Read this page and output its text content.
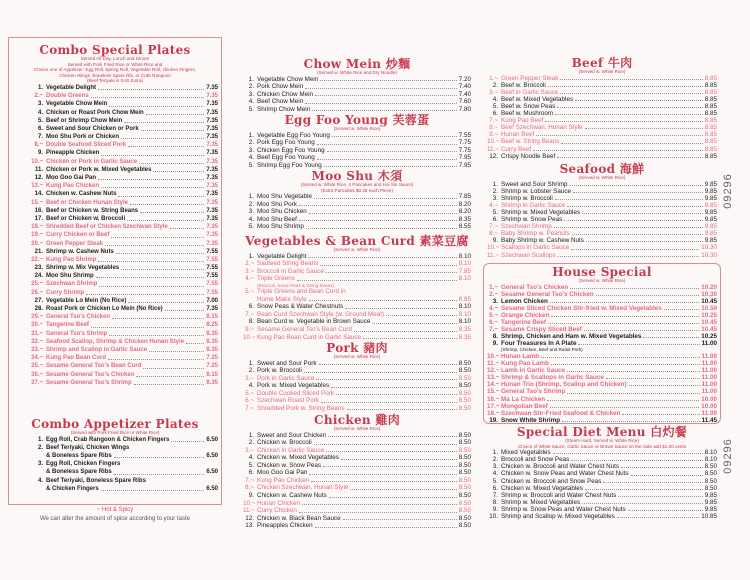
Combo Special Plates
Served All Day, Lunch and Dinner
Served with Pork Fried Rice or White Rice and
Choice one of Appetizer: Egg Roll, Spring Roll, Vegetable Roll, chicken Fingers,
Chicken Wings, Boneless Spare Rib, or Crab Rangoon
(Beef Teriyaki is 0.65 Extra)
1. Vegetable Delight	7.35
2.~ Double Greens	7.35
3. Vegetable Chow Mein	7.35
4. Chicken or Roast Pork Chow Mein	7.35
5. Beef or Shrimp Chow Mein	7.35
6. Sweet and Sour Chicken or Pork	7.35
7. Moo Shu Pork or Chicken	7.35
8.~ Double Seafood Sliced Pork	7.35
9. Pineapple Chicken	7.35
10.~ Chicken or Pork in Garlic Sauce	7.35
11. Chicken or Pork w. Mixed Vegetables	7.35
12. Moo Goo Gai Pan	7.35
13.~ Kung Pao Chicken	7.35
14. Chicken w. Cashew Nuts	7.35
15.~ Beef or Chicken Hunan Style	7.35
16. Beef or Chicken w. String Beans	7.35
17. Beef or Chicken w. Broccoli	7.35
18.~ Shredded Beef or Chicken Szechwan Style	7.35
19.~ Curry Chicken or Beef	7.35
20.~ Green Pepper Steak	7.35
21. Shrimp w. Cashew Nuts	7.55
22.~ Kung Pao Shrimp	7.55
23. Shrimp w. Mix Vegetables	7.55
24. Moo Shu Shrimp	7.55
25.~ Szechwan Shrimp	7.55
26.~ Curry Shrimp	7.55
27. Vegetable Lo Mein (No Rice)	7.00
28. Roast Pork or Chicken Lo Mein (No Rice)	7.35
29.~ General Tso's Chicken	8.15
30.~ Tangerine Beef	8.25
31.~ General Tso's Shrimp	8.35
32.~ Seafood Scallop, Shrimp & Chicken Hunan Style	8.35
33.~ Shrimp and Scallop in Garlic Sauce	8.35
34.~ Kung Pao Bean Curd	7.25
35.~ Sesame General Tso's Bean Curd	7.25
36.~ Sesame General Tso's Chicken	8.15
37.~ Sesame General Tso's Shrimp	8.35
Combo Appetizer Plates
(Served with Pork Fried Rice or White Rice)
1. Egg Roll, Crab Rangoon & Chicken Fingers	6.50
2. Beef Teriyaki, Chicken Wings
& Boneless Spare Ribs	6.50
3. Egg Roll, Chicken Fingers
& Boneless Spare Ribs	6.50
4. Beef Teriyaki, Boneless Spare Ribs
& Chicken Fingers	6.50
~ Hot & Spicy
We can alter the amount of spice according to your taste
Chow Mein 炒麵
(Served w. White Rice and Dry Noodle)
1. Vegetable Chow Mein	7.20
2. Pork Chow Mein	7.40
3. Chicken Chow Mein	7.40
4. Beef Chow Mein	7.60
5. Shrimp Chow Mein	7.80
Egg Foo Young 芙蓉蛋
(Served w. White Rice)
1. Vegetable Egg Foo Young	7.55
2. Pork Egg Foo Young	7.75
3. Chicken Egg Foo Young	7.75
4. Beef Egg Foo Young	7.95
5. Shrimp Egg Foo Young	7.95
Moo Shu 木須
(Served w. White Rice, 4 Pancakes and Hoi Sin Sauce)
(Extra Pancakes $0.25 each Piece)
1. Moo Shu Vegetable	7.85
2. Moo Shu Pork	8.20
3. Moo Shu Chicken	8.20
4. Moo Shu Beef	8.35
5. Moo Shu Shrimp	8.55
Vegetables & Bean Curd 素菜豆腐
(Served w. White Rice)
1. Vegetable Delight	8.10
2.~ Sauteed String Beans	8.10
3.~ Broccoli in Garlic Sauce	7.85
4.~ Triple Greens	8.10
(Broccoli, Snow Peas & String Beans)
5.~ Triple Greens and Bean Curd in
Home Make Style	8.85
6. Snow Peas & Water Chestnuts	8.10
7.~ Bean Curd Szechwan Style (w. Ground Meat)	8.10
8. Bean Curd w. Vegetable in Brown Sauce	8.10
9.~ Sesame General Tso's Bean Curd	8.35
10.~ Kung Pao Bean Curd in Garlic Sauce	8.35
Pork 豬肉
(Served w. White Rice)
1. Sweet and Sour Pork	8.50
2. Pork w. Broccoli	8.50
3.~ Pork in Garlic Sauce	8.50
4. Pork w. Mixed Vegetables	8.50
5.~ Double Cooked Sliced Pork	8.50
6.~ Szechwan Roast Pork	8.50
7.~ Shredded Pork w. String Beans	8.50
Chicken 雞肉
(Served w. White Rice)
1. Sweet and Sour Chicken	8.50
2. Chicken w. Broccoli	8.50
3.~ Chicken in Garlic Sauce	8.50
4. Chicken w. Mixed Vegetables	8.50
5. Chicken w. Snow Peas	8.50
6. Moo Goo Gai Pan	8.50
7.~ Kung Pao Chicken	8.50
8.~ Chicken Szechwan, Hunan Style	8.50
9. Chicken w. Cashew Nuts	8.50
10.~ Hunan Chicken	8.50
11.~ Curry Chicken	8.50
12. Chicken w. Black Bean Sauce	8.50
13. Pineapples Chicken	8.50
Beef 牛肉
(Served w. White Rice)
1.~ Green Pepper Steak	8.85
2. Beef w. Broccoli	8.85
3.~ Beef in Garlic Sauce	8.85
4. Beef w. Mixed Vegetables	8.85
5. Beef w. Snow Peas	8.85
6. Beef w. Mushroom	8.85
7.~ Kung Pao Beef	8.85
8.~ Beef Szechwan, Hunan Style	8.85
9.~ Hunan Beef	8.85
10.~ Beef w. String Beans	8.85
11.~ Curry Beef	8.85
12. Crispy Noodle Beef	8.85
Seafood 海鮮
(Served w. White Rice)
1. Sweet and Sour Shrimp	9.85
2. Shrimp w. Lobster Sauce	9.85
3. Shrimp w. Broccoli	9.85
4.~ Shrimp in Garlic Sauce	9.85
5. Shrimp w. Mixed Vegetables	9.85
6. Shrimp w. Snow Peas	9.85
7.~ Szechwan Shrimp	9.85
8.~ Baby Shrimp w. Peanuts	9.85
9. Baby Shrimp w. Cashew Nuts	9.85
10.~ Scallops in Garlic Sauce	10.30
11.~ Szechwan Scallops	10.30
House Special
(Served w. White Rice)
1.~ General Tso's Chicken	10.20
2.~ Sesame General Tso's Chicken	10.30
3. Lemon Chicken	10.45
4.~ Sesame Sliced Chicken Stir-fried w. Mixed Vegetables	10.50
5.~ Orange Chicken	10.25
6.~ Tangerine Beef	10.45
7.~ Sesame Crispy Sliced Beef	10.45
8. Shrimp, Chicken and Ham w. Mixed Vegetables	10.25
9. Four Treasures In A Plate	11.00
(Shrimp, Chicken, Beef and Roast Pork)
10.~ Hunan Lamb	11.00
11.~ Kung Pao Lamb	11.00
12.~ Lamb in Garlic Sauce	11.00
13.~ Shrimp & Scallops in Garlic Sauce	11.00
14.~ Hunan Trio (Shrimp, Scallop and Chicken)	11.00
15.~ General Tso's Shrimp	11.00
16.~ Ma La Chicken	10.00
17.~ Mongolian Beef	10.00
18.~ Szechwan Stir-Fried Seafood & Chicken	11.00
19. Snow White Shrimp	11.45
Special Diet Menu 白灼餐
(Steam Hard, Served w. White Rice)
Choice of White Sauce, Garlic Sauce or Brown Sauce on the Side add $1.00 cents
1. Mixed Vegetables	8.10
2. Broccoli and Snow Peas	8.10
3. Chicken w. Broccoli and Water Chest Nuts	8.50
4. Chicken w. Snow Peas and Water Chest Nuts	8.50
5. Chicken w. Broccoli and Snow Peas	8.50
6. Chicken w. Mixed Vegetables	8.50
7. Shrimp w. Broccoli and Water Chest Nuts	9.85
8. Shrimp w. Mixed Vegetables	9.85
9. Shrimp w. Snow Peas and Water Chest Nuts	9.85
10. Shrimp and Scallop w. Mixed Vegetables	10.85
09296
09296
